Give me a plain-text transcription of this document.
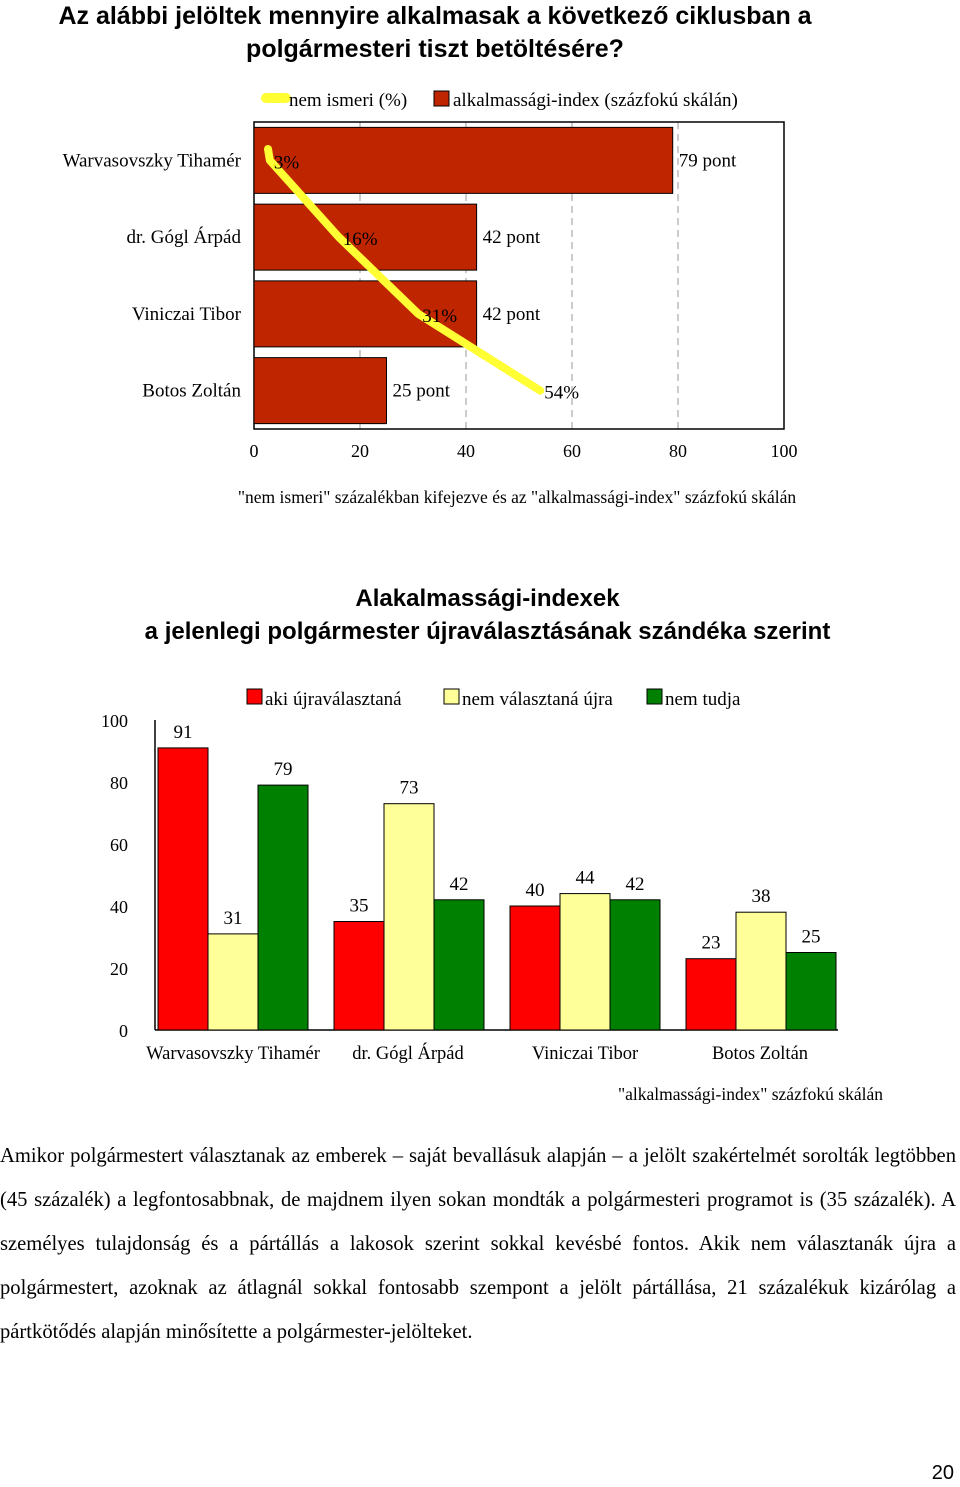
Az alábbi jelöltek mennyire alkalmasak a következő ciklusban a polgármesteri tiszt betöltésére?
nem ismeri (%) alkalmassági-index (százfokú skálán)
Warvasovszky Tihamér
dr. Gógl Árpád
Viniczai Tibor
Botos Zoltán
79 pont
42 pont
42 pont
25 pont
3%
16%
31%
54%
0	20	40	60	80	100
"nem ismeri" százalékban kifejezve és az "alkalmassági-index" százfokú skálán
Alakalmassági-indexek
a jelenlegi polgármester újraválasztásának szándéka szerint
aki újraválasztaná	nem választaná újra	nem tudja
0
20
40
60
80
100
91
31
79
35
73
42	40
44 42
23
38
25
Warvasovszky Tihamér dr. Gógl Árpád	Viniczai Tibor	Botos Zoltán
"alkalmassági-index" százfokú skálán
Amikor polgármestert választanak az emberek – saját bevallásuk alapján – a jelölt szakértelmét sorolták legtöbben (45 százalék) a legfontosabbnak, de majdnem ilyen sokan mondták a polgármesteri programot is (35 százalék). A személyes tulajdonság és a pártállás a lakosok szerint sokkal kevésbé fontos. Akik nem választanák újra a polgármestert, azoknak az átlagnál sokkal fontosabb szempont a jelölt pártállása, 21 százalékuk kizárólag a pártkötődés alapján minősítette a polgármester-jelölteket.
20
